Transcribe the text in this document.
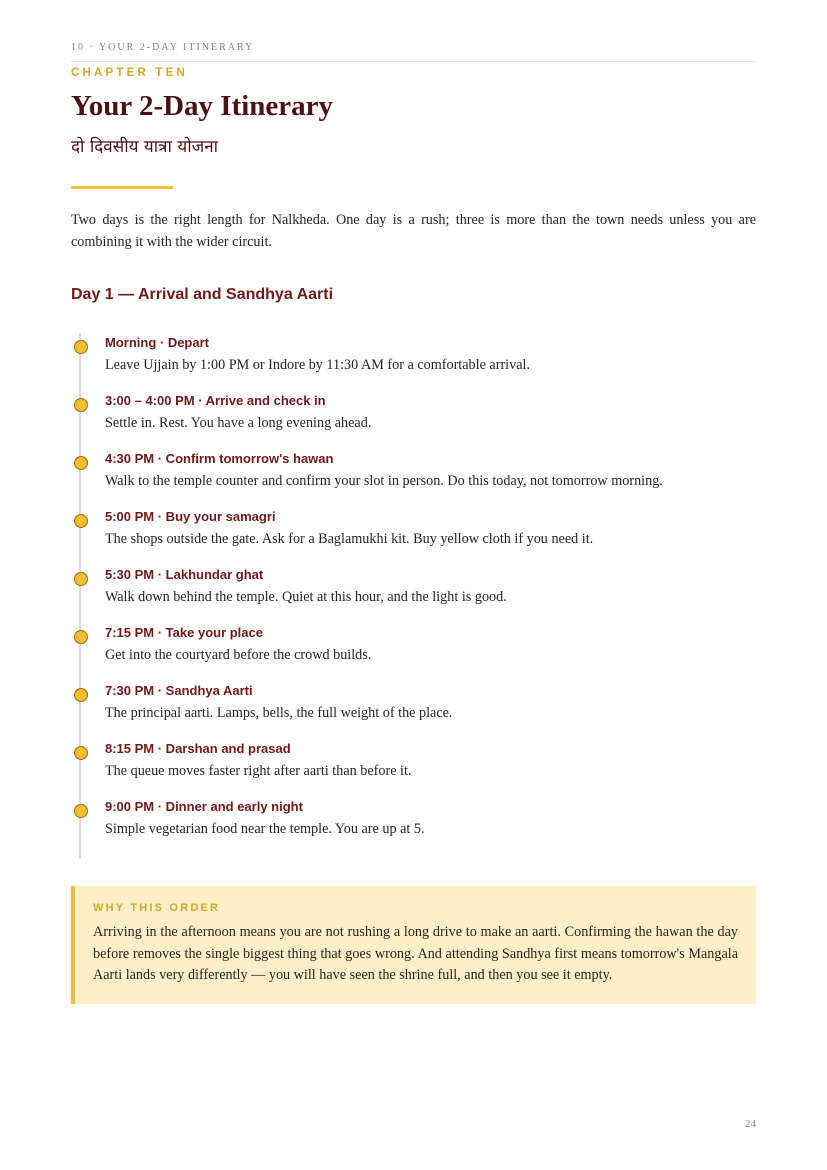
10 · YOUR 2-DAY ITINERARY
CHAPTER TEN
Your 2-Day Itinerary
दो दिवसीय यात्रा योजना

Two days is the right length for Nalkheda. One day is a rush; three is more than the town needs unless you are combining it with the wider circuit.

Day 1 — Arrival and Sandhya Aarti
Morning · Depart
Leave Ujjain by 1:00 PM or Indore by 11:30 AM for a comfortable arrival.
3:00 – 4:00 PM · Arrive and check in
Settle in. Rest. You have a long evening ahead.
4:30 PM · Confirm tomorrow's hawan
Walk to the temple counter and confirm your slot in person. Do this today, not tomorrow morning.
5:00 PM · Buy your samagri
The shops outside the gate. Ask for a Baglamukhi kit. Buy yellow cloth if you need it.
5:30 PM · Lakhundar ghat
Walk down behind the temple. Quiet at this hour, and the light is good.
7:15 PM · Take your place
Get into the courtyard before the crowd builds.
7:30 PM · Sandhya Aarti
The principal aarti. Lamps, bells, the full weight of the place.
8:15 PM · Darshan and prasad
The queue moves faster right after aarti than before it.
9:00 PM · Dinner and early night
Simple vegetarian food near the temple. You are up at 5.
WHY THIS ORDER

Arriving in the afternoon means you are not rushing a long drive to make an aarti. Confirming the hawan the day before removes the single biggest thing that goes wrong. And attending Sandhya first means tomorrow's Mangala Aarti lands very differently — you will have seen the shrine full, and then you see it empty.

24
